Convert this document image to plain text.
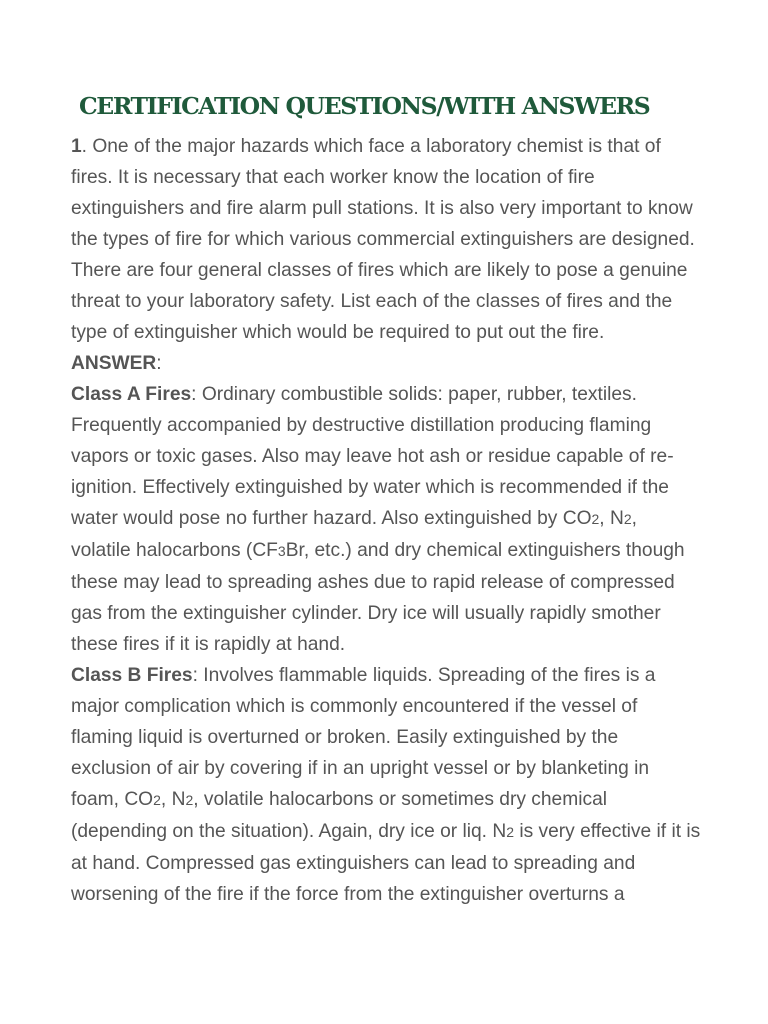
CERTIFICATION QUESTIONS/WITH ANSWERS

1. One of the major hazards which face a laboratory chemist is that of fires. It is necessary that each worker know the location of fire extinguishers and fire alarm pull stations. It is also very important to know the types of fire for which various commercial extinguishers are designed. There are four general classes of fires which are likely to pose a genuine threat to your laboratory safety. List each of the classes of fires and the type of extinguisher which would be required to put out the fire.

ANSWER:

Class A Fires: Ordinary combustible solids: paper, rubber, textiles. Frequently accompanied by destructive distillation producing flaming vapors or toxic gases. Also may leave hot ash or residue capable of re-ignition. Effectively extinguished by water which is recommended if the water would pose no further hazard. Also extinguished by CO2, N2, volatile halocarbons (CF3Br, etc.) and dry chemical extinguishers though these may lead to spreading ashes due to rapid release of compressed gas from the extinguisher cylinder. Dry ice will usually rapidly smother these fires if it is rapidly at hand.

Class B Fires: Involves flammable liquids. Spreading of the fires is a major complication which is commonly encountered if the vessel of flaming liquid is overturned or broken. Easily extinguished by the exclusion of air by covering if in an upright vessel or by blanketing in foam, CO2, N2, volatile halocarbons or sometimes dry chemical (depending on the situation). Again, dry ice or liq. N2 is very effective if it is at hand. Compressed gas extinguishers can lead to spreading and worsening of the fire if the force from the extinguisher overturns a
